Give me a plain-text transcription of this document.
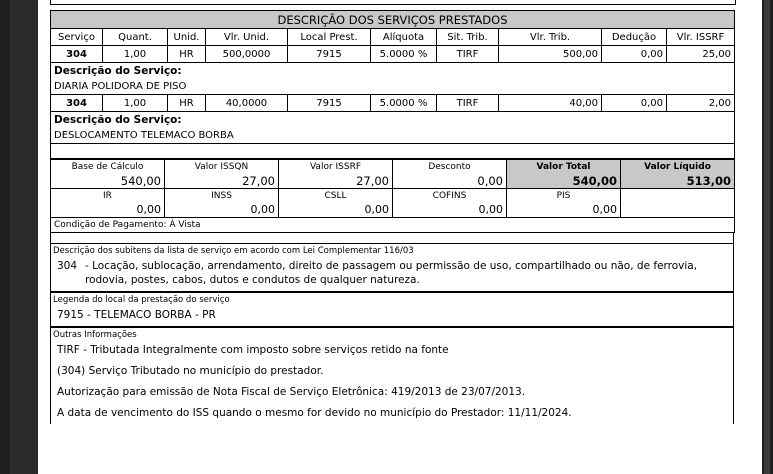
DESCRIÇÃO DOS SERVIÇOS PRESTADOS									
Serviço	Quant.	Unid.	Vlr. Unid.	Local Prest.	Alíquota	Sit. Trib.	Vlr. Trib.	Dedução	Vlr. ISSRF
304	1,00	HR	500,0000	7915	5.0000 %	TIRF	500,00	0,00	25,00
Descrição do Serviço:									
DIARIA POLIDORA DE PISO									
304	1,00	HR	40,0000	7915	5.0000 %	TIRF	40,00	0,00	2,00
Descrição do Serviço:									
DESLOCAMENTO TELEMACO BORBA									

Base de Cálculo	Valor ISSQN	Valor ISSRF	Desconto	Valor Total	Valor Líquido
540,00	27,00	27,00	0,00	540,00	513,00
IR	INSS	CSLL	COFINS	PIS	
0,00	0,00	0,00	0,00	0,00	
Condição de Pagamento: À Vista					
Descrição dos subitens da lista de serviço em acordo com Lei Complementar 116/03
304 - Locação, sublocação, arrendamento, direito de passagem ou permissão de uso, compartilhado ou não, de ferrovia, rodovia, postes, cabos, dutos e condutos de qualquer natureza.
Legenda do local da prestação do serviço
7915 - TELEMACO BORBA - PR
Outras Informações
TIRF - Tributada Integralmente com imposto sobre serviços retido na fonte
(304) Serviço Tributado no município do prestador.
Autorização para emissão de Nota Fiscal de Serviço Eletrônica: 419/2013 de 23/07/2013.
A data de vencimento do ISS quando o mesmo for devido no município do Prestador: 11/11/2024.
